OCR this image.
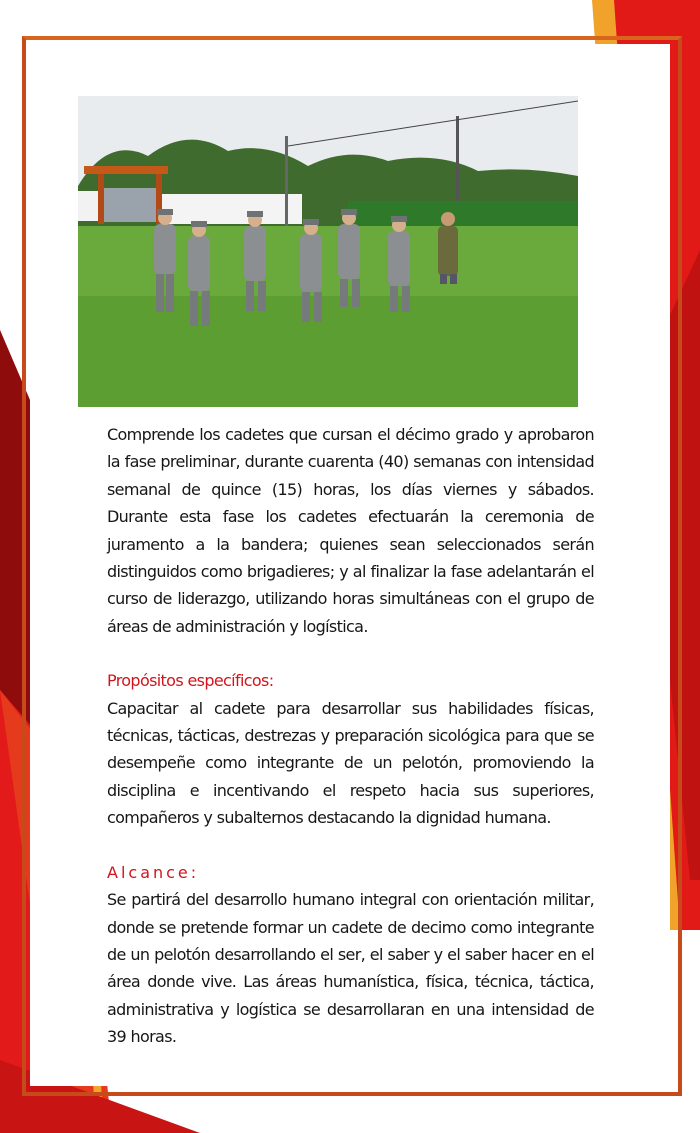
Comprende los cadetes que cursan el décimo grado y aprobaron la fase preliminar, durante cuarenta (40) semanas con intensidad semanal de quince (15) horas, los días viernes y sábados. Durante esta fase los cadetes efectuarán la ceremonia de juramento a la bandera; quienes sean seleccionados serán distinguidos como brigadieres; y al finalizar la fase adelantarán el curso de liderazgo, utilizando horas simultáneas con el grupo de áreas de administración y logística.

Propósitos específicos:

Capacitar al cadete para desarrollar sus habilidades físicas, técnicas, tácticas, destrezas y preparación sicológica para que se desempeñe como integrante de un pelotón, promoviendo la disciplina e incentivando el respeto hacia sus superiores, compañeros y subalternos destacando la dignidad humana.

Alcance:

Se partirá del desarrollo humano integral con orientación militar, donde se pretende formar un cadete de decimo como integrante de un pelotón desarrollando el ser, el saber y el saber hacer en el área donde vive. Las áreas humanística, física, técnica, táctica, administrativa y logística se desarrollaran en una intensidad de 39 horas.
